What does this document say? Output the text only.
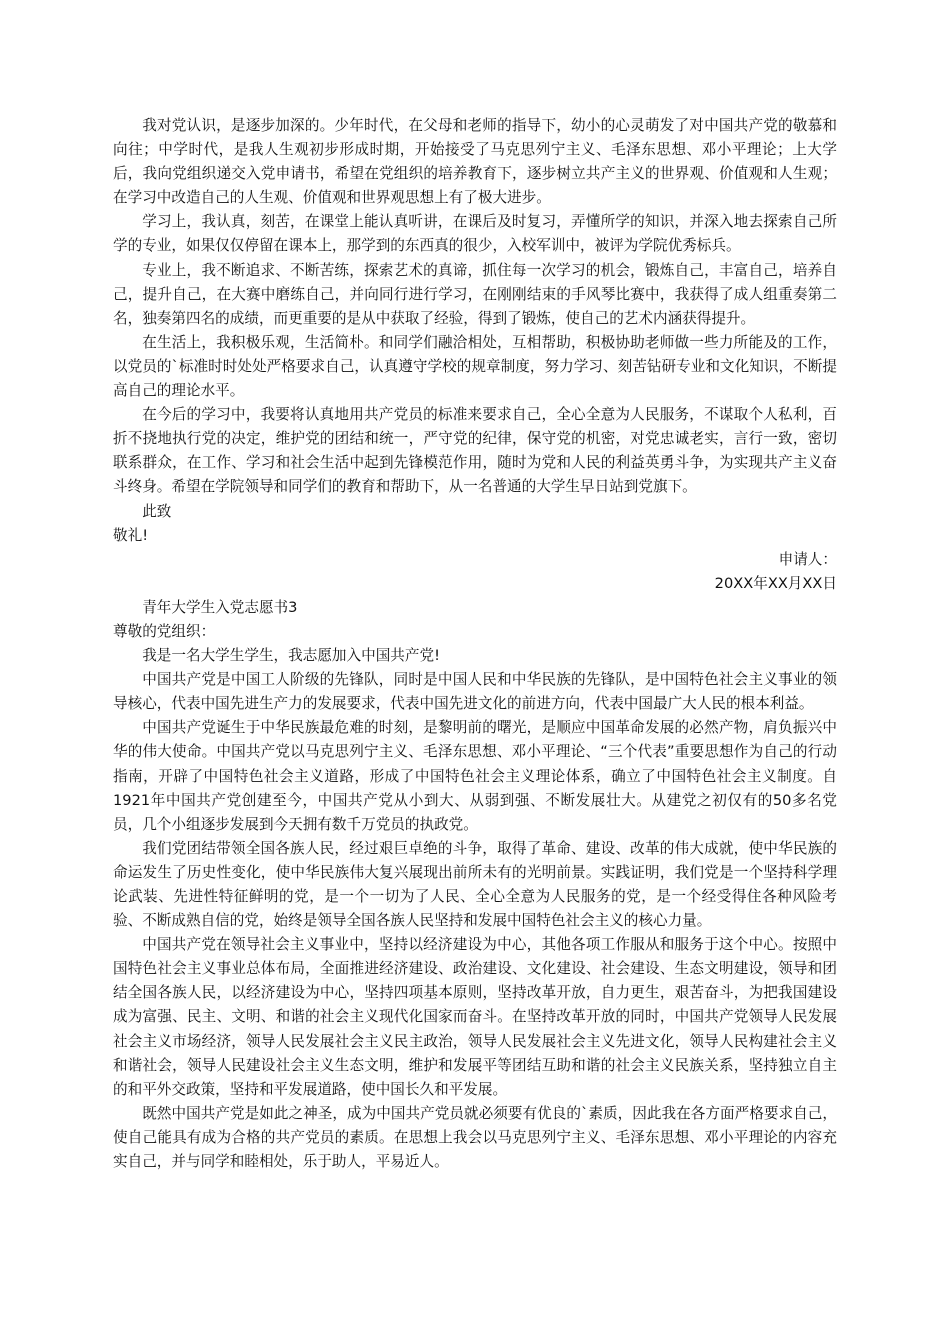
我对党认识，是逐步加深的。少年时代，在父母和老师的指导下，幼小的心灵萌发了对中国共产党的敬慕和向往；中学时代，是我人生观初步形成时期，开始接受了马克思列宁主义、毛泽东思想、邓小平理论；上大学后，我向党组织递交入党申请书，希望在党组织的培养教育下，逐步树立共产主义的世界观、价值观和人生观；在学习中改造自己的人生观、价值观和世界观思想上有了极大进步。

学习上，我认真，刻苦，在课堂上能认真听讲，在课后及时复习，弄懂所学的知识，并深入地去探索自己所学的专业，如果仅仅停留在课本上，那学到的东西真的很少，入校军训中，被评为学院优秀标兵。

专业上，我不断追求、不断苦练，探索艺术的真谛，抓住每一次学习的机会，锻炼自己，丰富自己，培养自己，提升自己，在大赛中磨练自己，并向同行进行学习，在刚刚结束的手风琴比赛中，我获得了成人组重奏第二名，独奏第四名的成绩，而更重要的是从中获取了经验，得到了锻炼，使自己的艺术内涵获得提升。

在生活上，我积极乐观，生活简朴。和同学们融洽相处，互相帮助，积极协助老师做一些力所能及的工作，以党员的`标准时时处处严格要求自己，认真遵守学校的规章制度，努力学习、刻苦钻研专业和文化知识，不断提高自己的理论水平。

在今后的学习中，我要将认真地用共产党员的标准来要求自己，全心全意为人民服务，不谋取个人私利，百折不挠地执行党的决定，维护党的团结和统一，严守党的纪律，保守党的机密，对党忠诚老实，言行一致，密切联系群众，在工作、学习和社会生活中起到先锋模范作用，随时为党和人民的利益英勇斗争，为实现共产主义奋斗终身。希望在学院领导和同学们的教育和帮助下，从一名普通的大学生早日站到党旗下。

此致

敬礼!

申请人：

20XX年XX月XX日

青年大学生入党志愿书3

尊敬的党组织：

我是一名大学生学生，我志愿加入中国共产党!

中国共产党是中国工人阶级的先锋队，同时是中国人民和中华民族的先锋队，是中国特色社会主义事业的领导核心，代表中国先进生产力的发展要求，代表中国先进文化的前进方向，代表中国最广大人民的根本利益。

中国共产党诞生于中华民族最危难的时刻，是黎明前的曙光，是顺应中国革命发展的必然产物，肩负振兴中华的伟大使命。中国共产党以马克思列宁主义、毛泽东思想、邓小平理论、“三个代表”重要思想作为自己的行动指南，开辟了中国特色社会主义道路，形成了中国特色社会主义理论体系，确立了中国特色社会主义制度。自1921年中国共产党创建至今，中国共产党从小到大、从弱到强、不断发展壮大。从建党之初仅有的50多名党员，几个小组逐步发展到今天拥有数千万党员的执政党。

我们党团结带领全国各族人民，经过艰巨卓绝的斗争，取得了革命、建设、改革的伟大成就，使中华民族的命运发生了历史性变化，使中华民族伟大复兴展现出前所未有的光明前景。实践证明，我们党是一个坚持科学理论武装、先进性特征鲜明的党，是一个一切为了人民、全心全意为人民服务的党，是一个经受得住各种风险考验、不断成熟自信的党，始终是领导全国各族人民坚持和发展中国特色社会主义的核心力量。

中国共产党在领导社会主义事业中，坚持以经济建设为中心，其他各项工作服从和服务于这个中心。按照中国特色社会主义事业总体布局，全面推进经济建设、政治建设、文化建设、社会建设、生态文明建设，领导和团结全国各族人民，以经济建设为中心，坚持四项基本原则，坚持改革开放，自力更生，艰苦奋斗，为把我国建设成为富强、民主、文明、和谐的社会主义现代化国家而奋斗。在坚持改革开放的同时，中国共产党领导人民发展社会主义市场经济，领导人民发展社会主义民主政治，领导人民发展社会主义先进文化，领导人民构建社会主义和谐社会，领导人民建设社会主义生态文明，维护和发展平等团结互助和谐的社会主义民族关系，坚持独立自主的和平外交政策，坚持和平发展道路，使中国长久和平发展。

既然中国共产党是如此之神圣，成为中国共产党员就必须要有优良的`素质，因此我在各方面严格要求自己，使自己能具有成为合格的共产党员的素质。在思想上我会以马克思列宁主义、毛泽东思想、邓小平理论的内容充实自己，并与同学和睦相处，乐于助人，平易近人。
